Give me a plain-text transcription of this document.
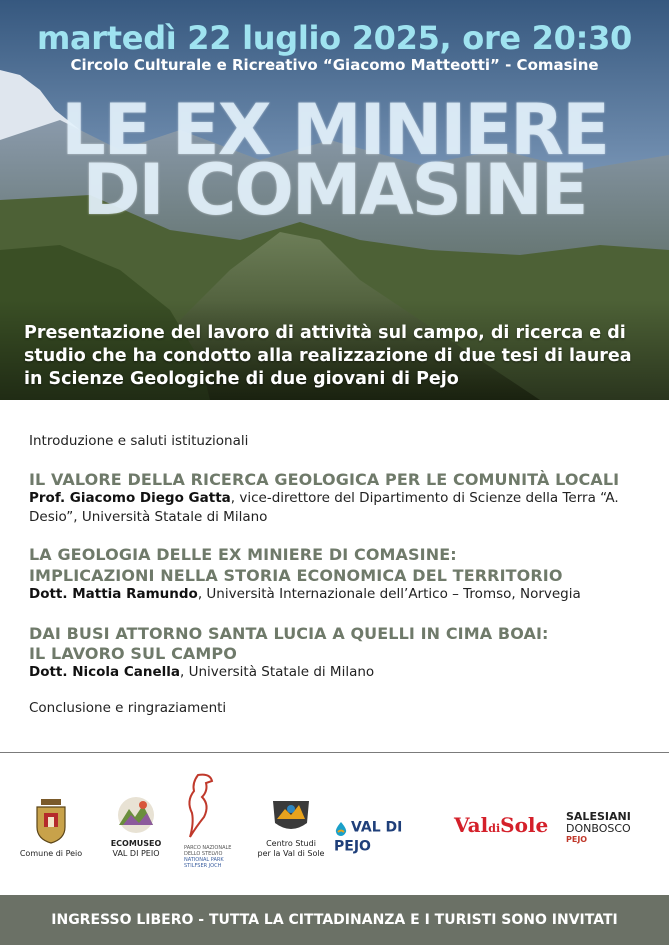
martedì 22 luglio 2025, ore 20:30
Circolo Culturale e Ricreativo “Giacomo Matteotti” - Comasine
LE EX MINIERE
DI COMASINE
Presentazione del lavoro di attività sul campo, di ricerca e di studio che ha condotto alla realizzazione di due tesi di laurea in Scienze Geologiche di due giovani di Pejo
Introduzione e saluti istituzionali
IL VALORE DELLA RICERCA GEOLOGICA PER LE COMUNITÀ LOCALI
Prof. Giacomo Diego Gatta, vice-direttore del Dipartimento di Scienze della Terra “A. Desio”, Università Statale di Milano
LA GEOLOGIA DELLE EX MINIERE DI COMASINE:
IMPLICAZIONI NELLA STORIA ECONOMICA DEL TERRITORIO
Dott. Mattia Ramundo, Università Internazionale dell’Artico – Tromso, Norvegia
DAI BUSI ATTORNO SANTA LUCIA A QUELLI IN CIMA BOAI:
IL LAVORO SUL CAMPO
Dott. Nicola Canella, Università Statale di Milano
Conclusione e ringraziamenti
Comune di Peio
ECOMUSEO
VAL DI PEIO
PARCO NAZIONALE DELLO STELVIO
NATIONAL PARK STILFSER JOCH
Centro Studi
per la Val di Sole
VAL DI PEJO
ValdiSole SALESIANI
DONBOSCO
PEJO
INGRESSO LIBERO - TUTTA LA CITTADINANZA E I TURISTI SONO INVITATI
